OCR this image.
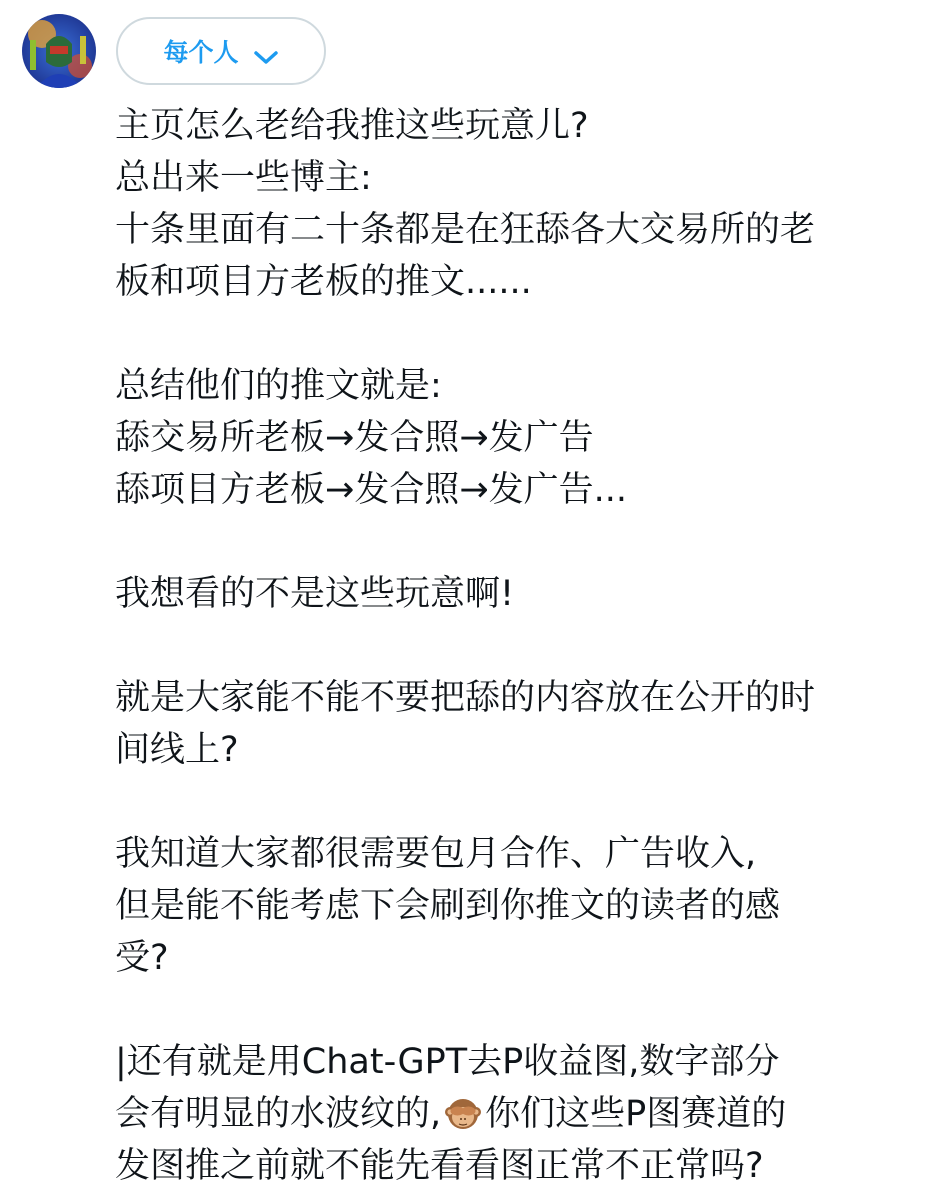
每个人
主页怎么老给我推这些玩意儿?
总出来一些博主:
十条里面有二十条都是在狂舔各大交易所的老
板和项目方老板的推文......
总结他们的推文就是:
舔交易所老板→发合照→发广告
舔项目方老板→发合照→发广告...
我想看的不是这些玩意啊!
就是大家能不能不要把舔的内容放在公开的时
间线上?
我知道大家都很需要包月合作、广告收入,
但是能不能考虑下会刷到你推文的读者的感
受?
|还有就是用Chat-GPT去P收益图,数字部分
会有明显的水波纹的, 你们这些P图赛道的
发图推之前就不能先看看图正常不正常吗?
